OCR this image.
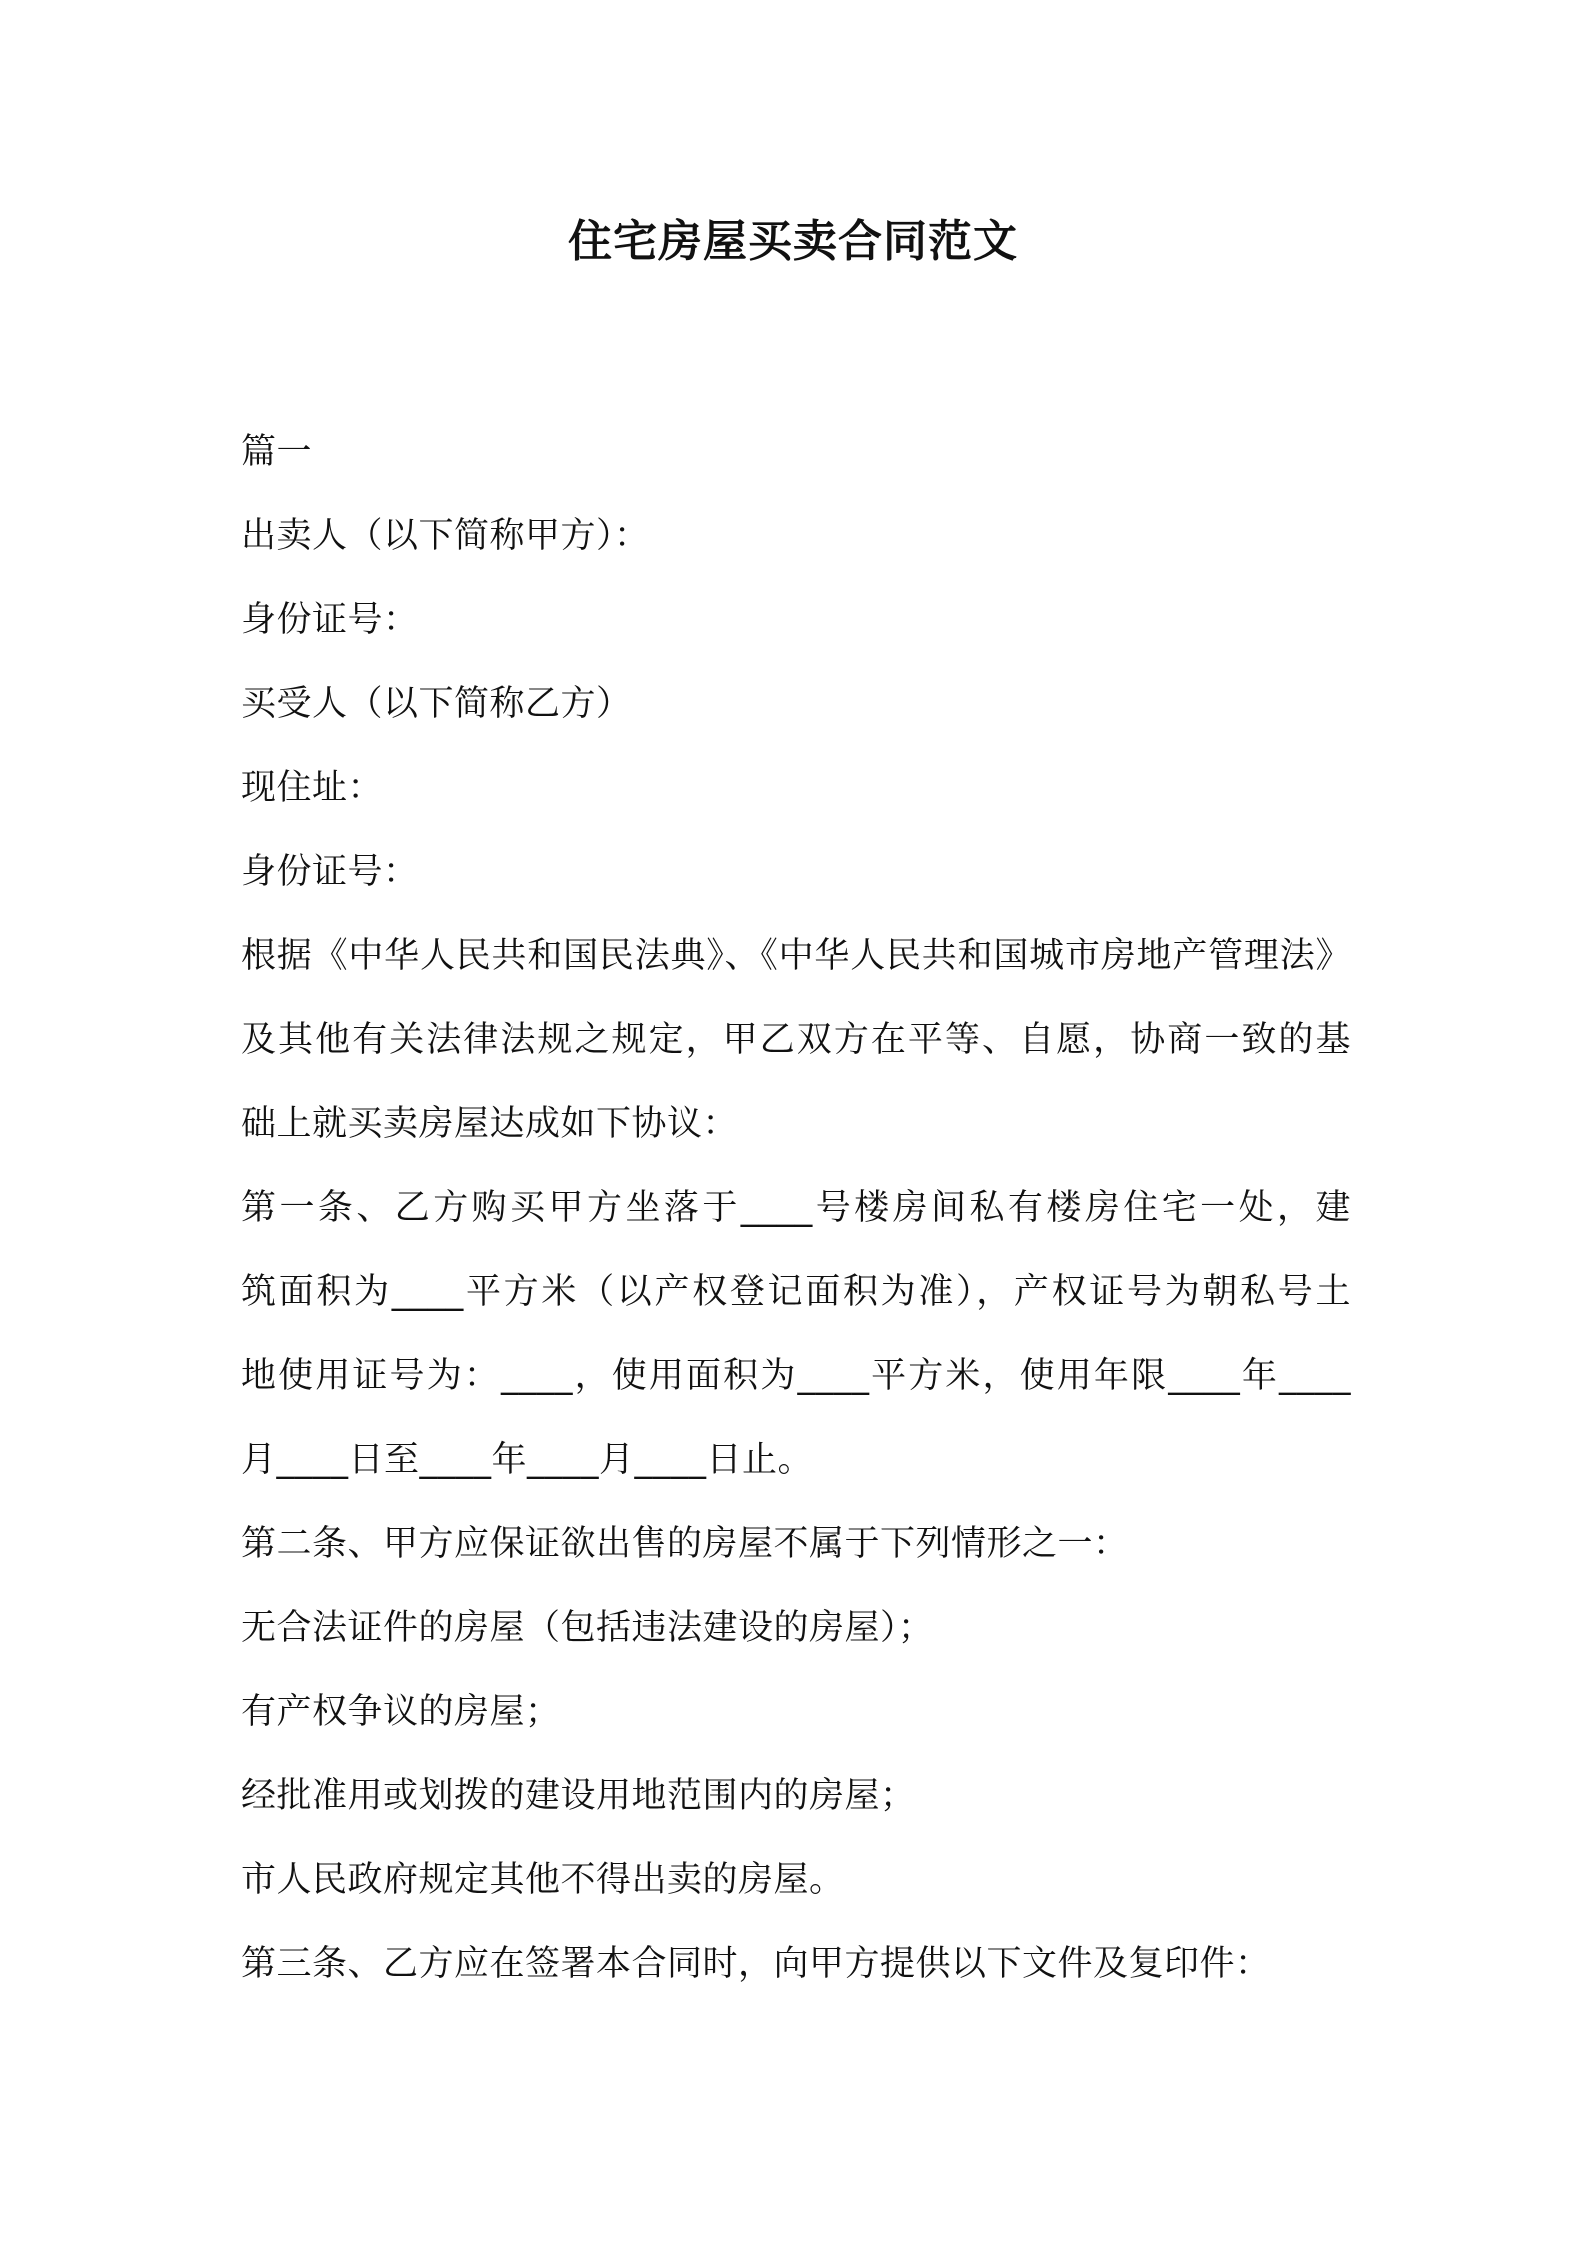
住宅房屋买卖合同范文
篇一
出卖人（以下简称甲方）：
身份证号：
买受人（以下简称乙方）
现住址：
身份证号：
根据《中华人民共和国民法典》、《中华人民共和国城市房地产管理法》
及其他有关法律法规之规定，甲乙双方在平等、自愿，协商一致的基
础上就买卖房屋达成如下协议：
第一条、乙方购买甲方坐落于____号楼房间私有楼房住宅一处，建
筑面积为____平方米（以产权登记面积为准），产权证号为朝私号土
地使用证号为：____，使用面积为____平方米，使用年限____年____
月____日至____年____月____日止。
第二条、甲方应保证欲出售的房屋不属于下列情形之一：
无合法证件的房屋（包括违法建设的房屋）；
有产权争议的房屋；
经批准用或划拨的建设用地范围内的房屋；
市人民政府规定其他不得出卖的房屋。
第三条、乙方应在签署本合同时，向甲方提供以下文件及复印件：
